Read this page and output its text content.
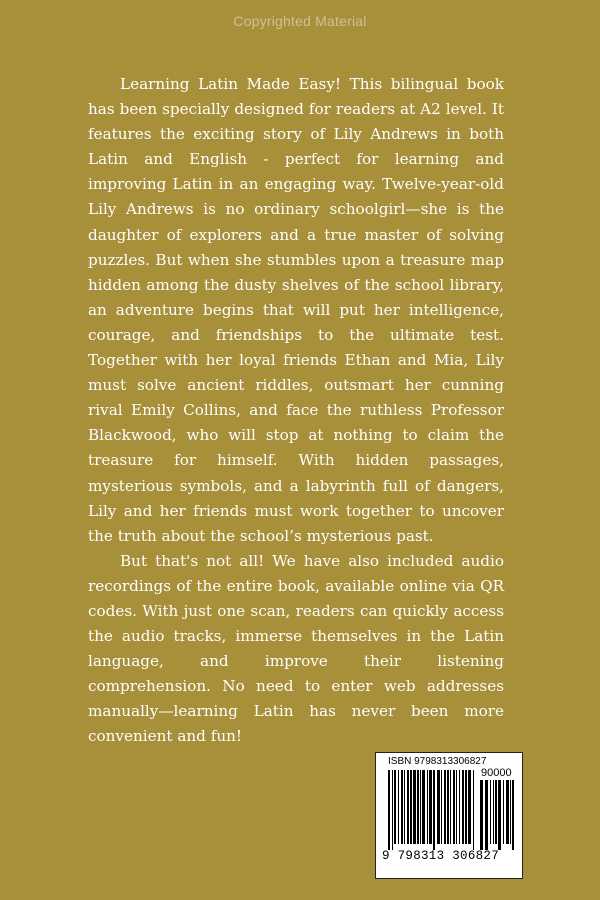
Copyrighted Material

Learning Latin Made Easy! This bilingual book has been specially designed for readers at A2 level. It features the exciting story of Lily Andrews in both Latin and English - perfect for learning and improving Latin in an engaging way. Twelve-year-old Lily Andrews is no ordinary schoolgirl—she is the daughter of explorers and a true master of solving puzzles. But when she stumbles upon a treasure map hidden among the dusty shelves of the school library, an adventure begins that will put her intelligence, courage, and friendships to the ultimate test. Together with her loyal friends Ethan and Mia, Lily must solve ancient riddles, outsmart her cunning rival Emily Collins, and face the ruthless Professor Blackwood, who will stop at nothing to claim the treasure for himself. With hidden passages, mysterious symbols, and a labyrinth full of dangers, Lily and her friends must work together to uncover the truth about the school’s mysterious past.

But that's not all! We have also included audio recordings of the entire book, available online via QR codes. With just one scan, readers can quickly access the audio tracks, immerse themselves in the Latin language, and improve their listening comprehension. No need to enter web addresses manually—learning Latin has never been more convenient and fun!

ISBN 9798313306827
90000
9 798313 306827
